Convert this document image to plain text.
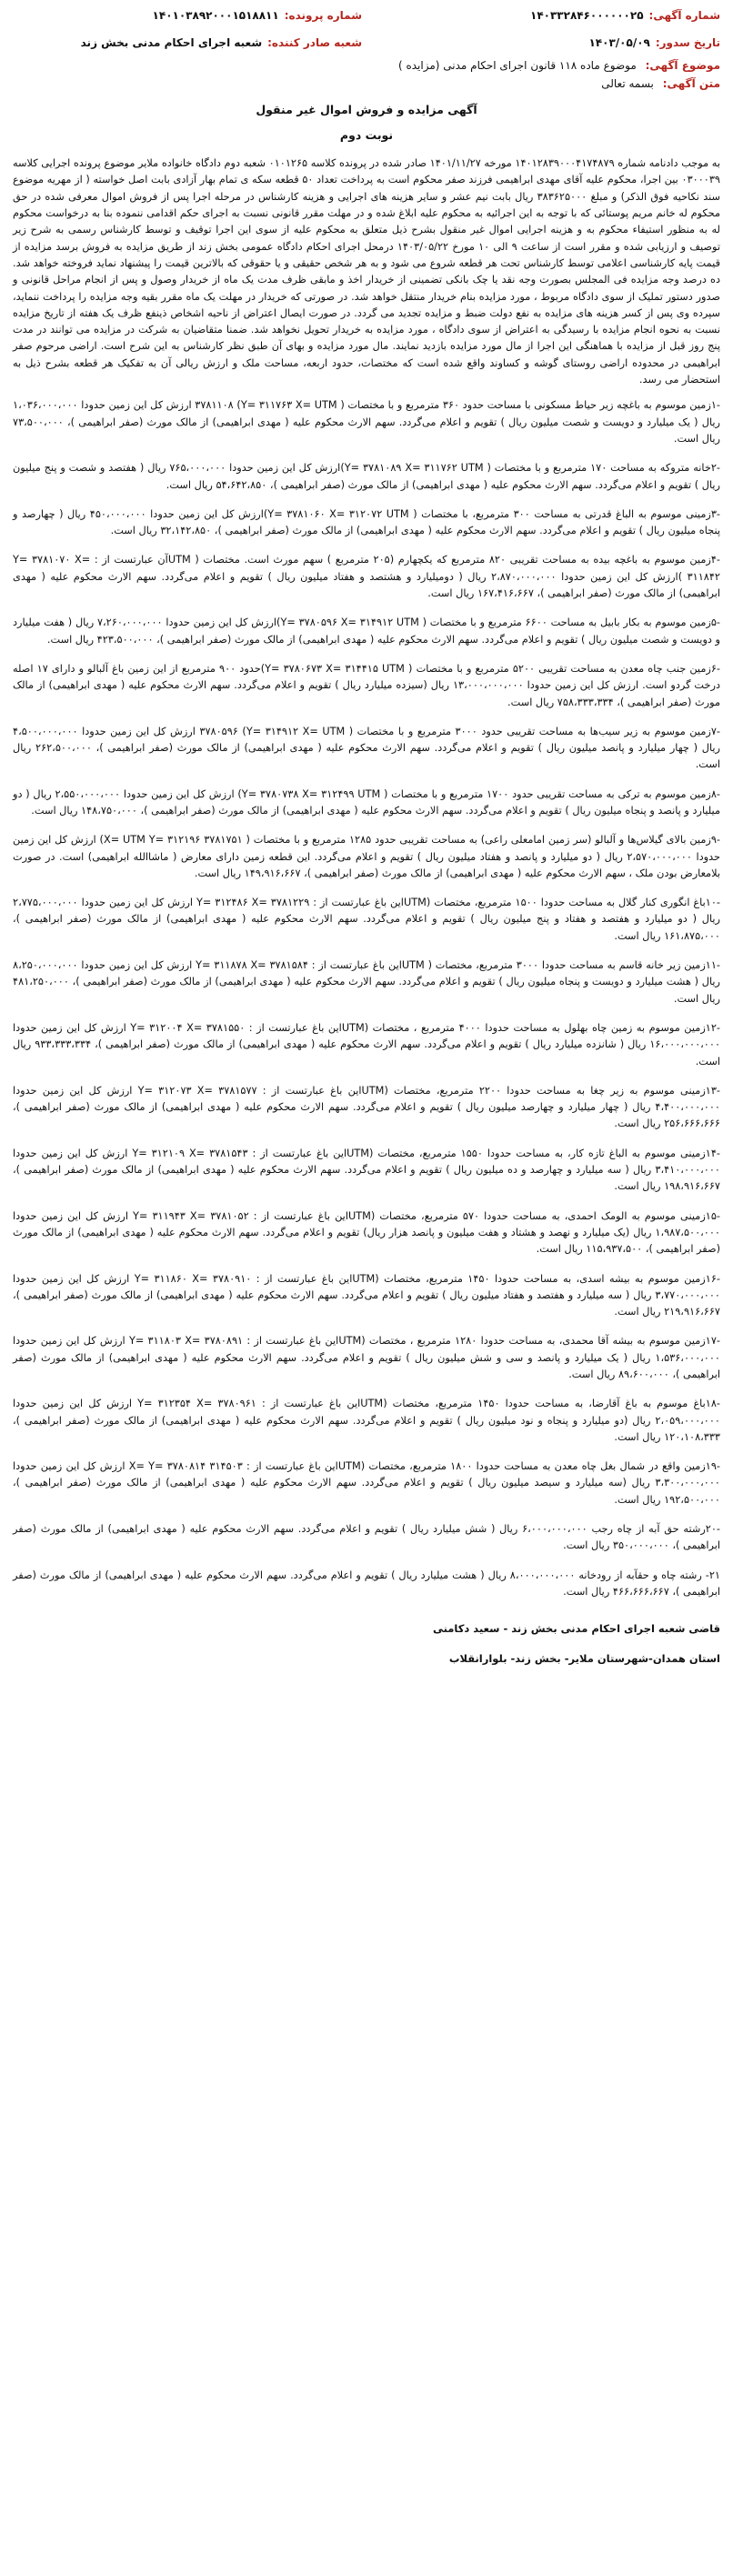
شماره آگهی:
۱۴۰۳۳۲۸۴۶۰۰۰۰۰۰۲۵
شماره پرونده:
۱۴۰۱۰۳۸۹۲۰۰۰۱۵۱۸۸۱۱
تاریخ سدور:
۱۴۰۳/۰۵/۰۹
شعبه صادر کننده:
شعبه اجرای احکام مدنی بخش زند
موضوع آگهی: موضوع ماده ۱۱۸ قانون اجرای احکام مدنی (مزایده )
متن آگهی: بسمه تعالی
آگهی مزایده و فروش اموال غیر منقول
نوبت دوم

به موجب دادنامه شماره ۱۴۰۱۲۸۳۹۰۰۰۴۱۷۴۸۷۹ مورخه ۱۴۰۱/۱۱/۲۷ صادر شده در پرونده کلاسه ۰۱۰۱۲۶۵ شعبه دوم دادگاه خانواده ملایر موضوع پرونده اجرایی کلاسه ۰۳۰۰۰۳۹ بین اجرا، محکوم علیه آقای مهدی ابراهیمی فرزند صفر محکوم است به پرداخت تعداد ۵۰ قطعه سکه ی تمام بهار آزادی بابت اصل خواسته ( از مهریه موضوع سند نکاحیه فوق الذکر) و مبلغ ۳۸۳۶۲۵۰۰۰ ریال بابت نیم عشر و سایر هزینه های اجرایی و هزینه کارشناس در مرحله اجرا پس از فروش اموال معرفی شده در حق محکوم له خانم مریم پوستائی که با توجه به این اجرائیه به محکوم علیه ابلاغ شده و در مهلت مقرر قانونی نسبت به اجرای حکم اقدامی ننموده بنا به درخواست محکوم له به منظور استیفاء محکوم به و هزینه اجرایی اموال غیر منقول بشرح ذیل متعلق به محکوم علیه از سوی این اجرا توقیف و توسط کارشناس رسمی به شرح زیر توصیف و ارزیابی شده و مقرر است از ساعت ۹ الی ۱۰ مورخ ۱۴۰۳/۰۵/۲۲ درمحل اجرای احکام دادگاه عمومی بخش زند از طریق مزایده به فروش برسد مزایده از قیمت پایه کارشناسی اعلامی توسط کارشناس تحت هر قطعه شروع می شود و به هر شخص حقیقی و یا حقوقی که بالاترین قیمت را پیشنهاد نماید فروخته خواهد شد. ده درصد وجه مزایده فی المجلس بصورت وجه نقد یا چک بانکی تضمینی از خریدار اخذ و مابقی ظرف مدت یک ماه از خریدار وصول و پس از انجام مراحل قانونی و صدور دستور تملیک از سوی دادگاه مربوط ، مورد مزایده بنام خریدار منتقل خواهد شد. در صورتی که خریدار در مهلت یک ماه مقرر بقیه وجه مزایده را پرداخت ننماید، سپرده وی پس از کسر هزینه های مزایده به نفع دولت ضبط و مزایده تجدید می گردد. در صورت ایصال اعتراض از ناحیه اشخاص ذینفع ظرف یک هفته از تاریخ مزایده نسبت به نحوه انجام مزایده با رسیدگی به اعتراض از سوی دادگاه ، مورد مزایده به خریدار تحویل نخواهد شد. ضمنا متقاضیان به شرکت در مزایده می توانند در مدت پنج روز قبل از مزایده با هماهنگی این اجرا از مال مورد مزایده بازدید نمایند. مال مورد مزایده و بهای آن طبق نظر کارشناس به این شرح است. اراضی مرحوم صفر ابراهیمی در محدوده اراضی روستای گوشه و کساوند واقع شده است که مختصات، حدود اربعه، مساحت ملک و ارزش ریالی آن به تفکیک هر قطعه بشرح ذیل به استحضار می رسد.

-۱زمین موسوم به باغچه زیر حیاط مسکونی با مساحت حدود ۳۶۰ مترمربع و با مختصات ( Y= ۳۱۱۷۶۳ X= UTM) ۳۷۸۱۱۰۸ ارزش کل این زمین حدودا ۱،۰۳۶،۰۰۰،۰۰۰ ریال ( یک میلیارد و دویست و شصت میلیون ریال ) تقویم و اعلام می‌گردد. سهم الارث محکوم علیه ( مهدی ابراهیمی) از مالک مورث (صفر ابراهیمی )، ۷۳،۵۰۰،۰۰۰ ریال است.

-۲خانه متروکه به مساحت ۱۷۰ مترمربع و با مختصات ( Y= ۳۷۸۱۰۸۹ X= ۳۱۱۷۶۲ UTM)ارزش کل این زمین حدودا ۷۶۵،۰۰۰،۰۰۰ ریال ( هفتصد و شصت و پنج میلیون ریال ) تقویم و اعلام می‌گردد. سهم الارث محکوم علیه ( مهدی ابراهیمی) از مالک مورث (صفر ابراهیمی )، ۵۴،۶۴۲،۸۵۰ ریال است.

-۳زمینی موسوم به الباغ قدرتی به مساحت ۳۰۰ مترمربع، با مختصات ( Y= ۳۷۸۱۰۶۰ X= ۳۱۲۰۷۲ UTM)ارزش کل این زمین حدودا ۴۵۰،۰۰۰،۰۰۰ ریال ( چهارصد و پنجاه میلیون ریال ) تقویم و اعلام می‌گردد. سهم الارث محکوم علیه ( مهدی ابراهیمی) از مالک مورث (صفر ابراهیمی )، ۳۲،۱۴۲،۸۵۰ ریال است.

-۴زمین موسوم به باغچه بیده به مساحت تقریبی ۸۲۰ مترمربع که یکچهارم (۲۰۵ مترمربع ) سهم مورث است. مختصات ( UTMآن عبارتست از : Y= ۳۷۸۱۰۷۰ X= ۳۱۱۸۴۲ )ارزش کل این زمین حدودا ۲،۸۷۰،۰۰۰،۰۰۰ ریال ( دومیلیارد و هشتصد و هفتاد میلیون ریال ) تقویم و اعلام می‌گردد. سهم الارث محکوم علیه ( مهدی ابراهیمی) از مالک مورث (صفر ابراهیمی )، ۱۶۷،۴۱۶،۶۶۷ ریال است.

-۵زمین موسوم به بکار بابیل به مساحت ۶۶۰۰ مترمربع و با مختصات ( Y= ۳۷۸۰۵۹۶ X= ۳۱۴۹۱۲ UTM)ارزش کل این زمین حدودا ۷،۲۶۰،۰۰۰،۰۰۰ ریال ( هفت میلیارد و دویست و شصت میلیون ریال ) تقویم و اعلام می‌گردد. سهم الارث محکوم علیه ( مهدی ابراهیمی) از مالک مورث (صفر ابراهیمی )، ۴۲۳،۵۰۰،۰۰۰ ریال است.

-۶زمین جنب چاه معدن به مساحت تقریبی ۵۲۰۰ مترمربع و با مختصات ( Y= ۳۷۸۰۶۷۳ X= ۳۱۴۴۱۵ UTM)حدود ۹۰۰ مترمربع از این زمین باغ آلبالو و دارای ۱۷ اصله درخت گردو است. ارزش کل این زمین حدودا ۱۳،۰۰۰،۰۰۰،۰۰۰ ریال (سیزده میلیارد ریال ) تقویم و اعلام می‌گردد. سهم الارث محکوم علیه ( مهدی ابراهیمی) از مالک مورث (صفر ابراهیمی )، ۷۵۸،۳۳۳،۳۳۴ ریال است.

-۷زمین موسوم به زیر سیب‌ها به مساحت تقریبی حدود ۳۰۰۰ مترمربع و با مختصات ( Y= ۳۱۴۹۱۲ X= UTM) ۳۷۸۰۵۹۶ ارزش کل این زمین حدودا ۴،۵۰۰،۰۰۰،۰۰۰ ریال ( چهار میلیارد و پانصد میلیون ریال ) تقویم و اعلام می‌گردد. سهم الارث محکوم علیه ( مهدی ابراهیمی) از مالک مورث (صفر ابراهیمی )، ۲۶۲،۵۰۰،۰۰۰ ریال است.

-۸زمین موسوم به ترکی به مساحت تقریبی حدود ۱۷۰۰ مترمربع و با مختصات ( Y= ۳۷۸۰۷۳۸ X= ۳۱۲۴۹۹ UTM) ارزش کل این زمین حدودا ۲،۵۵۰،۰۰۰،۰۰۰ ریال ( دو میلیارد و پانصد و پنجاه میلیون ریال ) تقویم و اعلام می‌گردد. سهم الارث محکوم علیه ( مهدی ابراهیمی) از مالک مورث (صفر ابراهیمی )، ۱۴۸،۷۵۰،۰۰۰ ریال است.

-۹زمین بالای گیلاس‌ها و آلبالو (سر زمین امامعلی راعی) به مساحت تقریبی حدود ۱۲۸۵ مترمربع و با مختصات ( X= UTM Y= ۳۱۲۱۹۶ ۳۷۸۱۷۵۱) ارزش کل این زمین حدودا ۲،۵۷۰،۰۰۰،۰۰۰ ریال ( دو میلیارد و پانصد و هفتاد میلیون ریال ) تقویم و اعلام می‌گردد. این قطعه زمین دارای معارض ( ماشاالله ابراهیمی) است. در صورت بلامعارض بودن ملک ، سهم الارث محکوم علیه ( مهدی ابراهیمی) از مالک مورث (صفر ابراهیمی )، ۱۴۹،۹۱۶،۶۶۷ ریال است.

-۱۰باغ انگوری کنار گلال به مساحت حدودا ۱۵۰۰ مترمربع، مختصات (UTMاین باغ عبارتست از : Y= ۳۱۲۴۸۶ X= ۳۷۸۱۲۲۹ ارزش کل این زمین حدودا ۲،۷۷۵،۰۰۰،۰۰۰ ریال ( دو میلیارد و هفتصد و هفتاد و پنج میلیون ریال ) تقویم و اعلام می‌گردد. سهم الارث محکوم علیه ( مهدی ابراهیمی) از مالک مورث (صفر ابراهیمی )، ۱۶۱،۸۷۵،۰۰۰ ریال است.

-۱۱زمین زیر خانه قاسم به مساحت حدودا ۳۰۰۰ مترمربع، مختصات ( UTMاین باغ عبارتست از : Y= ۳۱۱۸۷۸ X= ۳۷۸۱۵۸۴ ارزش کل این زمین حدودا ۸،۲۵۰،۰۰۰،۰۰۰ ریال ( هشت میلیارد و دویست و پنجاه میلیون ریال ) تقویم و اعلام می‌گردد. سهم الارث محکوم علیه ( مهدی ابراهیمی) از مالک مورث (صفر ابراهیمی )، ۴۸۱،۲۵۰،۰۰۰ ریال است.

-۱۲زمین موسوم به زمین چاه بهلول به مساحت حدودا ۴۰۰۰ مترمربع ، مختصات (UTMاین باغ عبارتست از : Y= ۳۱۲۰۰۴ X= ۳۷۸۱۵۵۰ ارزش کل این زمین حدودا ۱۶،۰۰۰،۰۰۰،۰۰۰ ریال ( شانزده میلیارد ریال ) تقویم و اعلام می‌گردد. سهم الارث محکوم علیه ( مهدی ابراهیمی) از مالک مورث (صفر ابراهیمی )، ۹۳۳،۳۳۳،۳۳۴ ریال است.

-۱۳زمینی موسوم به زیر چغا به مساحت حدودا ۲۲۰۰ مترمربع، مختصات (UTMاین باغ عبارتست از : Y= ۳۱۲۰۷۳ X= ۳۷۸۱۵۷۷ ارزش کل این زمین حدودا ۴،۴۰۰،۰۰۰،۰۰۰ ریال ( چهار میلیارد و چهارصد میلیون ریال ) تقویم و اعلام می‌گردد. سهم الارث محکوم علیه ( مهدی ابراهیمی) از مالک مورث (صفر ابراهیمی )، ۲۵۶،۶۶۶،۶۶۶ ریال است.

-۱۴زمینی موسوم به الباغ تازه کار، به مساحت حدودا ۱۵۵۰ مترمربع، مختصات (UTMاین باغ عبارتست از : Y= ۳۱۲۱۰۹ X= ۳۷۸۱۵۴۳ ارزش کل این زمین حدودا ۳،۴۱۰،۰۰۰،۰۰۰ ریال ( سه میلیارد و چهارصد و ده میلیون ریال ) تقویم و اعلام می‌گردد. سهم الارث محکوم علیه ( مهدی ابراهیمی) از مالک مورث (صفر ابراهیمی )، ۱۹۸،۹۱۶،۶۶۷ ریال است.

-۱۵زمینی موسوم به الومک احمدی، به مساحت حدودا ۵۷۰ مترمربع، مختصات (UTMاین باغ عبارتست از : Y= ۳۱۱۹۴۳ X= ۳۷۸۱۰۵۲ ارزش کل این زمین حدودا ۱،۹۸۷،۵۰۰،۰۰۰ ریال (یک میلیارد و نهصد و هشتاد و هفت میلیون و پانصد هزار ریال) تقویم و اعلام می‌گردد. سهم الارث محکوم علیه ( مهدی ابراهیمی) از مالک مورث (صفر ابراهیمی )، ۱۱۵،۹۳۷،۵۰۰ ریال است.

-۱۶زمین موسوم به بیشه اسدی، به مساحت حدودا ۱۴۵۰ مترمربع، مختصات (UTMاین باغ عبارتست از : Y= ۳۱۱۸۶۰ X= ۳۷۸۰۹۱۰ ارزش کل این زمین حدودا ۳،۷۷۰،۰۰۰،۰۰۰ ریال ( سه میلیارد و هفتصد و هفتاد میلیون ریال ) تقویم و اعلام می‌گردد. سهم الارث محکوم علیه ( مهدی ابراهیمی) از مالک مورث (صفر ابراهیمی )، ۲۱۹،۹۱۶،۶۶۷ ریال است.

-۱۷زمین موسوم به بیشه آقا محمدی، به مساحت حدودا ۱۲۸۰ مترمربع ، مختصات (UTMاین باغ عبارتست از : Y= ۳۱۱۸۰۳ X= ۳۷۸۰۸۹۱ ارزش کل این زمین حدودا ۱،۵۳۶،۰۰۰،۰۰۰ ریال ( یک میلیارد و پانصد و سی و شش میلیون ریال ) تقویم و اعلام می‌گردد. سهم الارث محکوم علیه ( مهدی ابراهیمی) از مالک مورث (صفر ابراهیمی )، ۸۹،۶۰۰،۰۰۰ ریال است.

-۱۸باغ موسوم به باغ آقارضا، به مساحت حدودا ۱۴۵۰ مترمربع، مختصات (UTMاین باغ عبارتست از : Y= ۳۱۲۳۵۴ X= ۳۷۸۰۹۶۱ ارزش کل این زمین حدودا ۲،۰۵۹،۰۰۰،۰۰۰ ریال (دو میلیارد و پنجاه و نود میلیون ریال ) تقویم و اعلام می‌گردد. سهم الارث محکوم علیه ( مهدی ابراهیمی) از مالک مورث (صفر ابراهیمی )، ۱۲۰،۱۰۸،۳۳۳ ریال است.

-۱۹زمین واقع در شمال بغل چاه معدن به مساحت حدودا ۱۸۰۰ مترمربع، مختصات (UTMاین باغ عبارتست از : X= Y= ۳۷۸۰۸۱۴ ۳۱۴۵۰۳ ارزش کل این زمین حدودا ۳،۳۰۰،۰۰۰،۰۰۰ ریال (سه میلیارد و سیصد میلیون ریال ) تقویم و اعلام می‌گردد. سهم الارث محکوم علیه ( مهدی ابراهیمی) از مالک مورث (صفر ابراهیمی )، ۱۹۲،۵۰۰،۰۰۰ ریال است.

-۲۰رشته حق آبه از چاه رجب ۶،۰۰۰،۰۰۰،۰۰۰ ریال ( شش میلیارد ریال ) تقویم و اعلام می‌گردد. سهم الارث محکوم علیه ( مهدی ابراهیمی) از مالک مورث (صفر ابراهیمی )، ۳۵۰،۰۰۰،۰۰۰ ریال است.

۲۱- رشته چاه و حقآبه از رودخانه ۸،۰۰۰،۰۰۰،۰۰۰ ریال ( هشت میلیارد ریال ) تقویم و اعلام می‌گردد. سهم الارث محکوم علیه ( مهدی ابراهیمی) از مالک مورث (صفر ابراهیمی )، ۴۶۶،۶۶۶،۶۶۷ ریال است.

قاضی شعبه اجرای احکام مدنی بخش زند - سعید دکامنی
استان همدان-شهرستان ملایر- بخش زند- بلوارانقلاب
